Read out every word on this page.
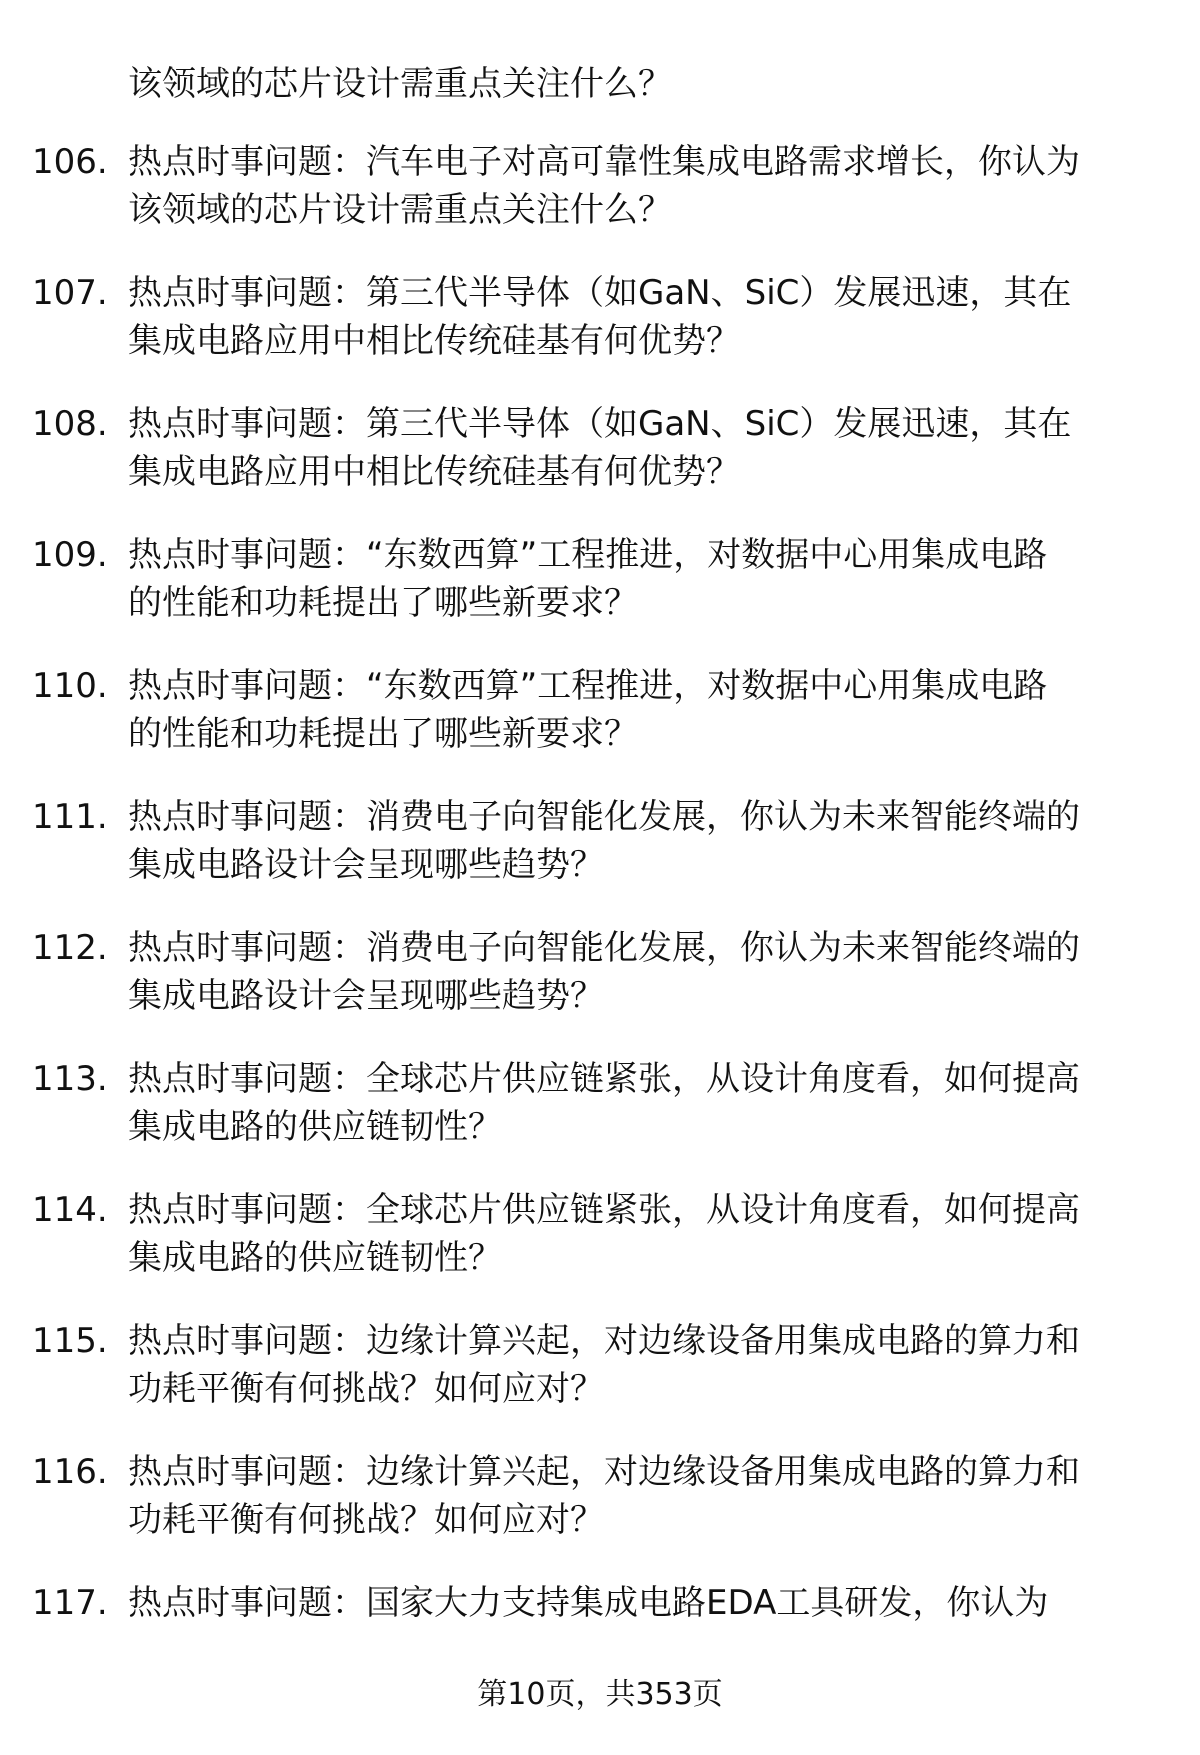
该领域的芯片设计需重点关注什么？
106. 热点时事问题：汽车电子对高可靠性集成电路需求增长，你认为
该领域的芯片设计需重点关注什么？
107. 热点时事问题：第三代半导体（如GaN、SiC）发展迅速，其在
集成电路应用中相比传统硅基有何优势？
108. 热点时事问题：第三代半导体（如GaN、SiC）发展迅速，其在
集成电路应用中相比传统硅基有何优势？
109. 热点时事问题：“东数西算”工程推进，对数据中心用集成电路
的性能和功耗提出了哪些新要求？
110. 热点时事问题：“东数西算”工程推进，对数据中心用集成电路
的性能和功耗提出了哪些新要求？
111. 热点时事问题：消费电子向智能化发展，你认为未来智能终端的
集成电路设计会呈现哪些趋势？
112. 热点时事问题：消费电子向智能化发展，你认为未来智能终端的
集成电路设计会呈现哪些趋势？
113. 热点时事问题：全球芯片供应链紧张，从设计角度看，如何提高
集成电路的供应链韧性？
114. 热点时事问题：全球芯片供应链紧张，从设计角度看，如何提高
集成电路的供应链韧性？
115. 热点时事问题：边缘计算兴起，对边缘设备用集成电路的算力和
功耗平衡有何挑战？如何应对？
116. 热点时事问题：边缘计算兴起，对边缘设备用集成电路的算力和
功耗平衡有何挑战？如何应对？
117. 热点时事问题：国家大力支持集成电路EDA工具研发，你认为
第10页，共353页
